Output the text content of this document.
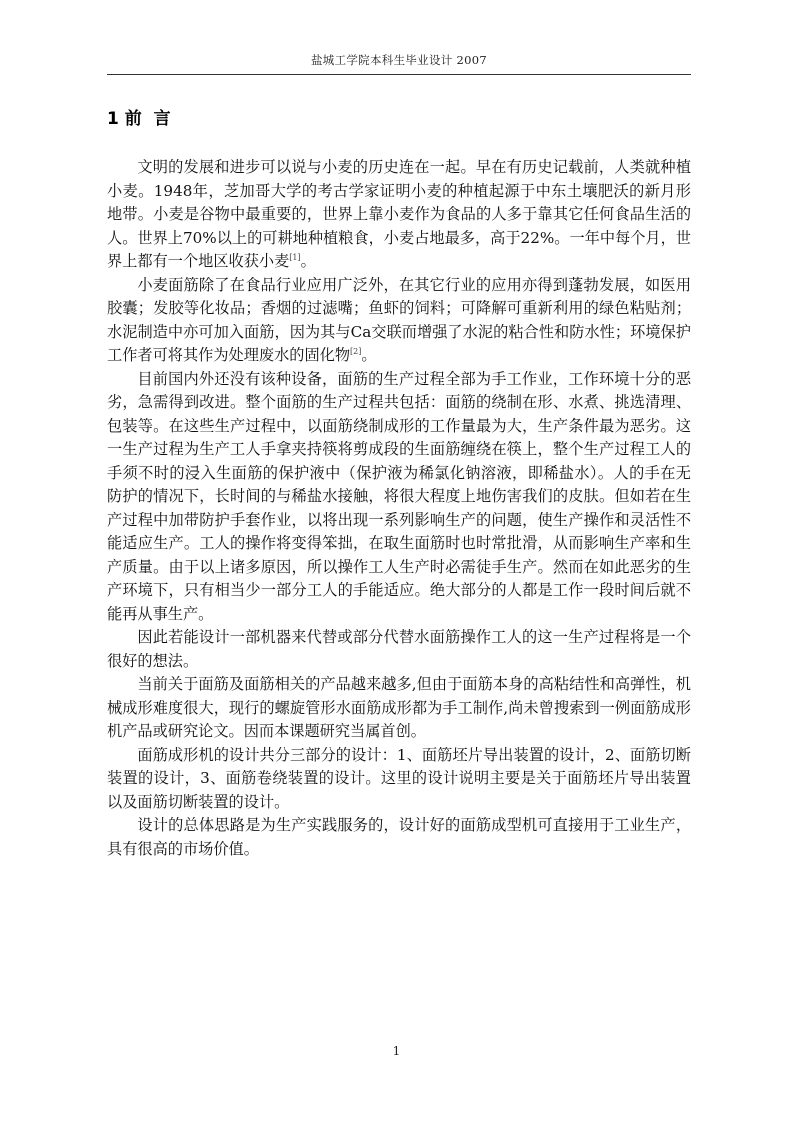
盐城工学院本科生毕业设计 2007
1 前  言

文明的发展和进步可以说与小麦的历史连在一起。早在有历史记载前，人类就种植小麦。1948年，芝加哥大学的考古学家证明小麦的种植起源于中东土壤肥沃的新月形地带。小麦是谷物中最重要的，世界上靠小麦作为食品的人多于靠其它任何食品生活的人。世界上70%以上的可耕地种植粮食，小麦占地最多，高于22%。一年中每个月，世界上都有一个地区收获小麦[1]。

小麦面筋除了在食品行业应用广泛外，在其它行业的应用亦得到蓬勃发展，如医用胶囊；发胶等化妆品；香烟的过滤嘴；鱼虾的饲料；可降解可重新利用的绿色粘贴剂；水泥制造中亦可加入面筋，因为其与Ca交联而增强了水泥的粘合性和防水性；环境保护工作者可将其作为处理废水的固化物[2]。

目前国内外还没有该种设备，面筋的生产过程全部为手工作业，工作环境十分的恶劣，急需得到改进。整个面筋的生产过程共包括：面筋的绕制在形、水煮、挑选清理、包装等。在这些生产过程中，以面筋绕制成形的工作量最为大，生产条件最为恶劣。这一生产过程为生产工人手拿夹持筷将剪成段的生面筋缠绕在筷上，整个生产过程工人的手须不时的浸入生面筋的保护液中（保护液为稀氯化钠溶液，即稀盐水）。人的手在无防护的情况下，长时间的与稀盐水接触，将很大程度上地伤害我们的皮肤。但如若在生产过程中加带防护手套作业，以将出现一系列影响生产的问题，使生产操作和灵活性不能适应生产。工人的操作将变得笨拙，在取生面筋时也时常批滑，从而影响生产率和生产质量。由于以上诸多原因，所以操作工人生产时必需徒手生产。然而在如此恶劣的生产环境下，只有相当少一部分工人的手能适应。绝大部分的人都是工作一段时间后就不能再从事生产。

因此若能设计一部机器来代替或部分代替水面筋操作工人的这一生产过程将是一个很好的想法。

当前关于面筋及面筋相关的产品越来越多,但由于面筋本身的高粘结性和高弹性，机械成形难度很大，现行的螺旋管形水面筋成形都为手工制作,尚未曾搜索到一例面筋成形机产品或研究论文。因而本课题研究当属首创。

面筋成形机的设计共分三部分的设计：1、面筋坯片导出装置的设计，2、面筋切断装置的设计，3、面筋卷绕装置的设计。这里的设计说明主要是关于面筋坯片导出装置以及面筋切断装置的设计。

设计的总体思路是为生产实践服务的，设计好的面筋成型机可直接用于工业生产，具有很高的市场价值。

1
